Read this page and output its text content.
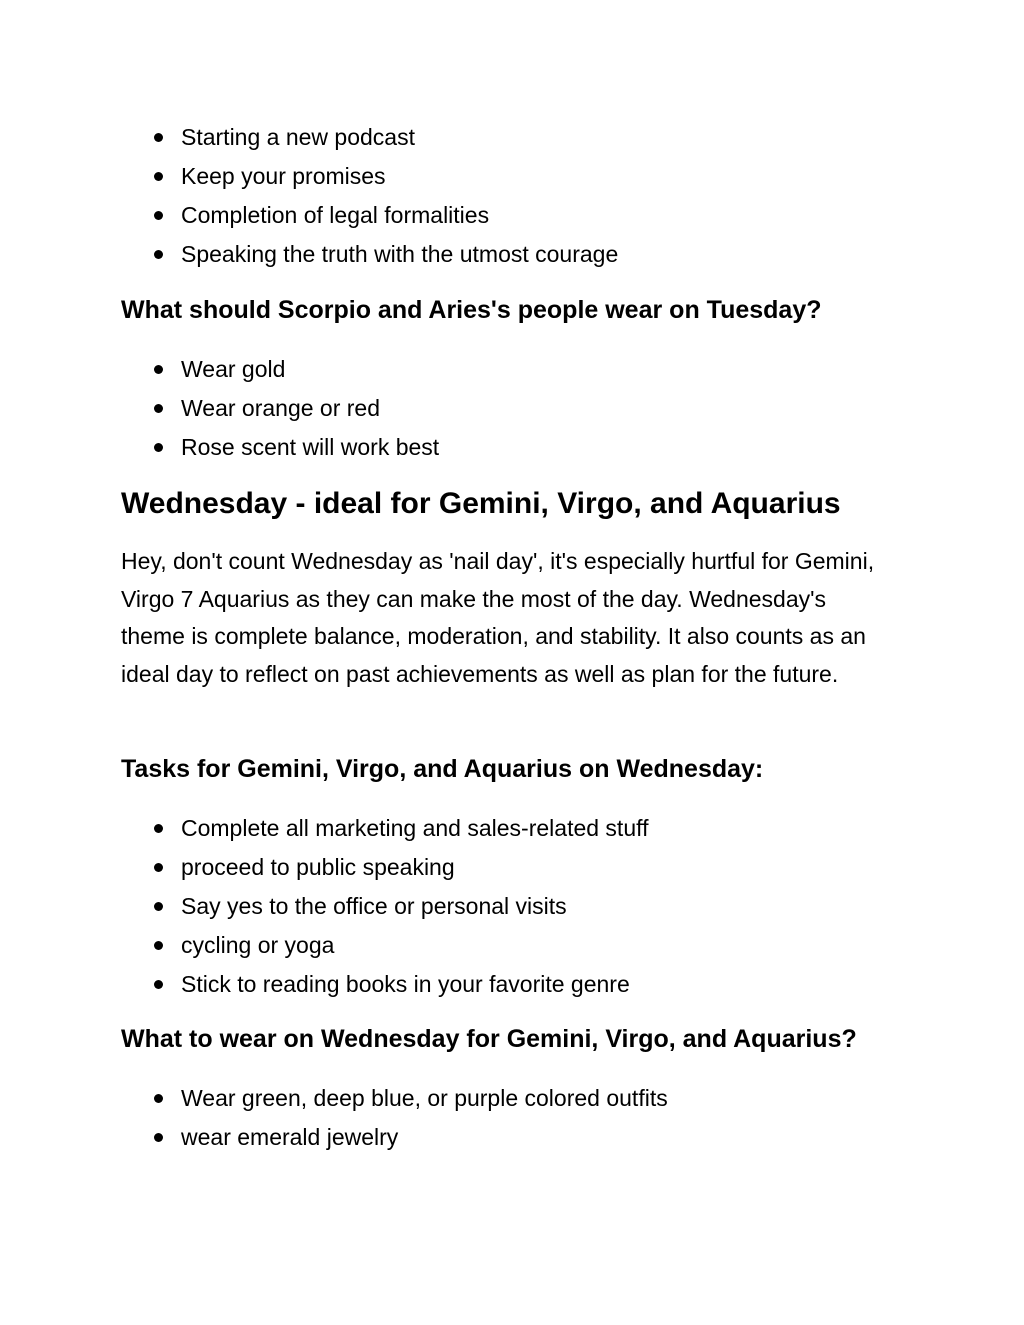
Starting a new podcast
Keep your promises
Completion of legal formalities
Speaking the truth with the utmost courage
What should Scorpio and Aries's people wear on Tuesday?
Wear gold
Wear orange or red
Rose scent will work best
Wednesday - ideal for Gemini, Virgo, and Aquarius

Hey, don't count Wednesday as 'nail day', it's especially hurtful for Gemini, Virgo 7 Aquarius as they can make the most of the day. Wednesday's theme is complete balance, moderation, and stability. It also counts as an ideal day to reflect on past achievements as well as plan for the future.

Tasks for Gemini, Virgo, and Aquarius on Wednesday:
Complete all marketing and sales-related stuff
proceed to public speaking
Say yes to the office or personal visits
cycling or yoga
Stick to reading books in your favorite genre
What to wear on Wednesday for Gemini, Virgo, and Aquarius?
Wear green, deep blue, or purple colored outfits
wear emerald jewelry
